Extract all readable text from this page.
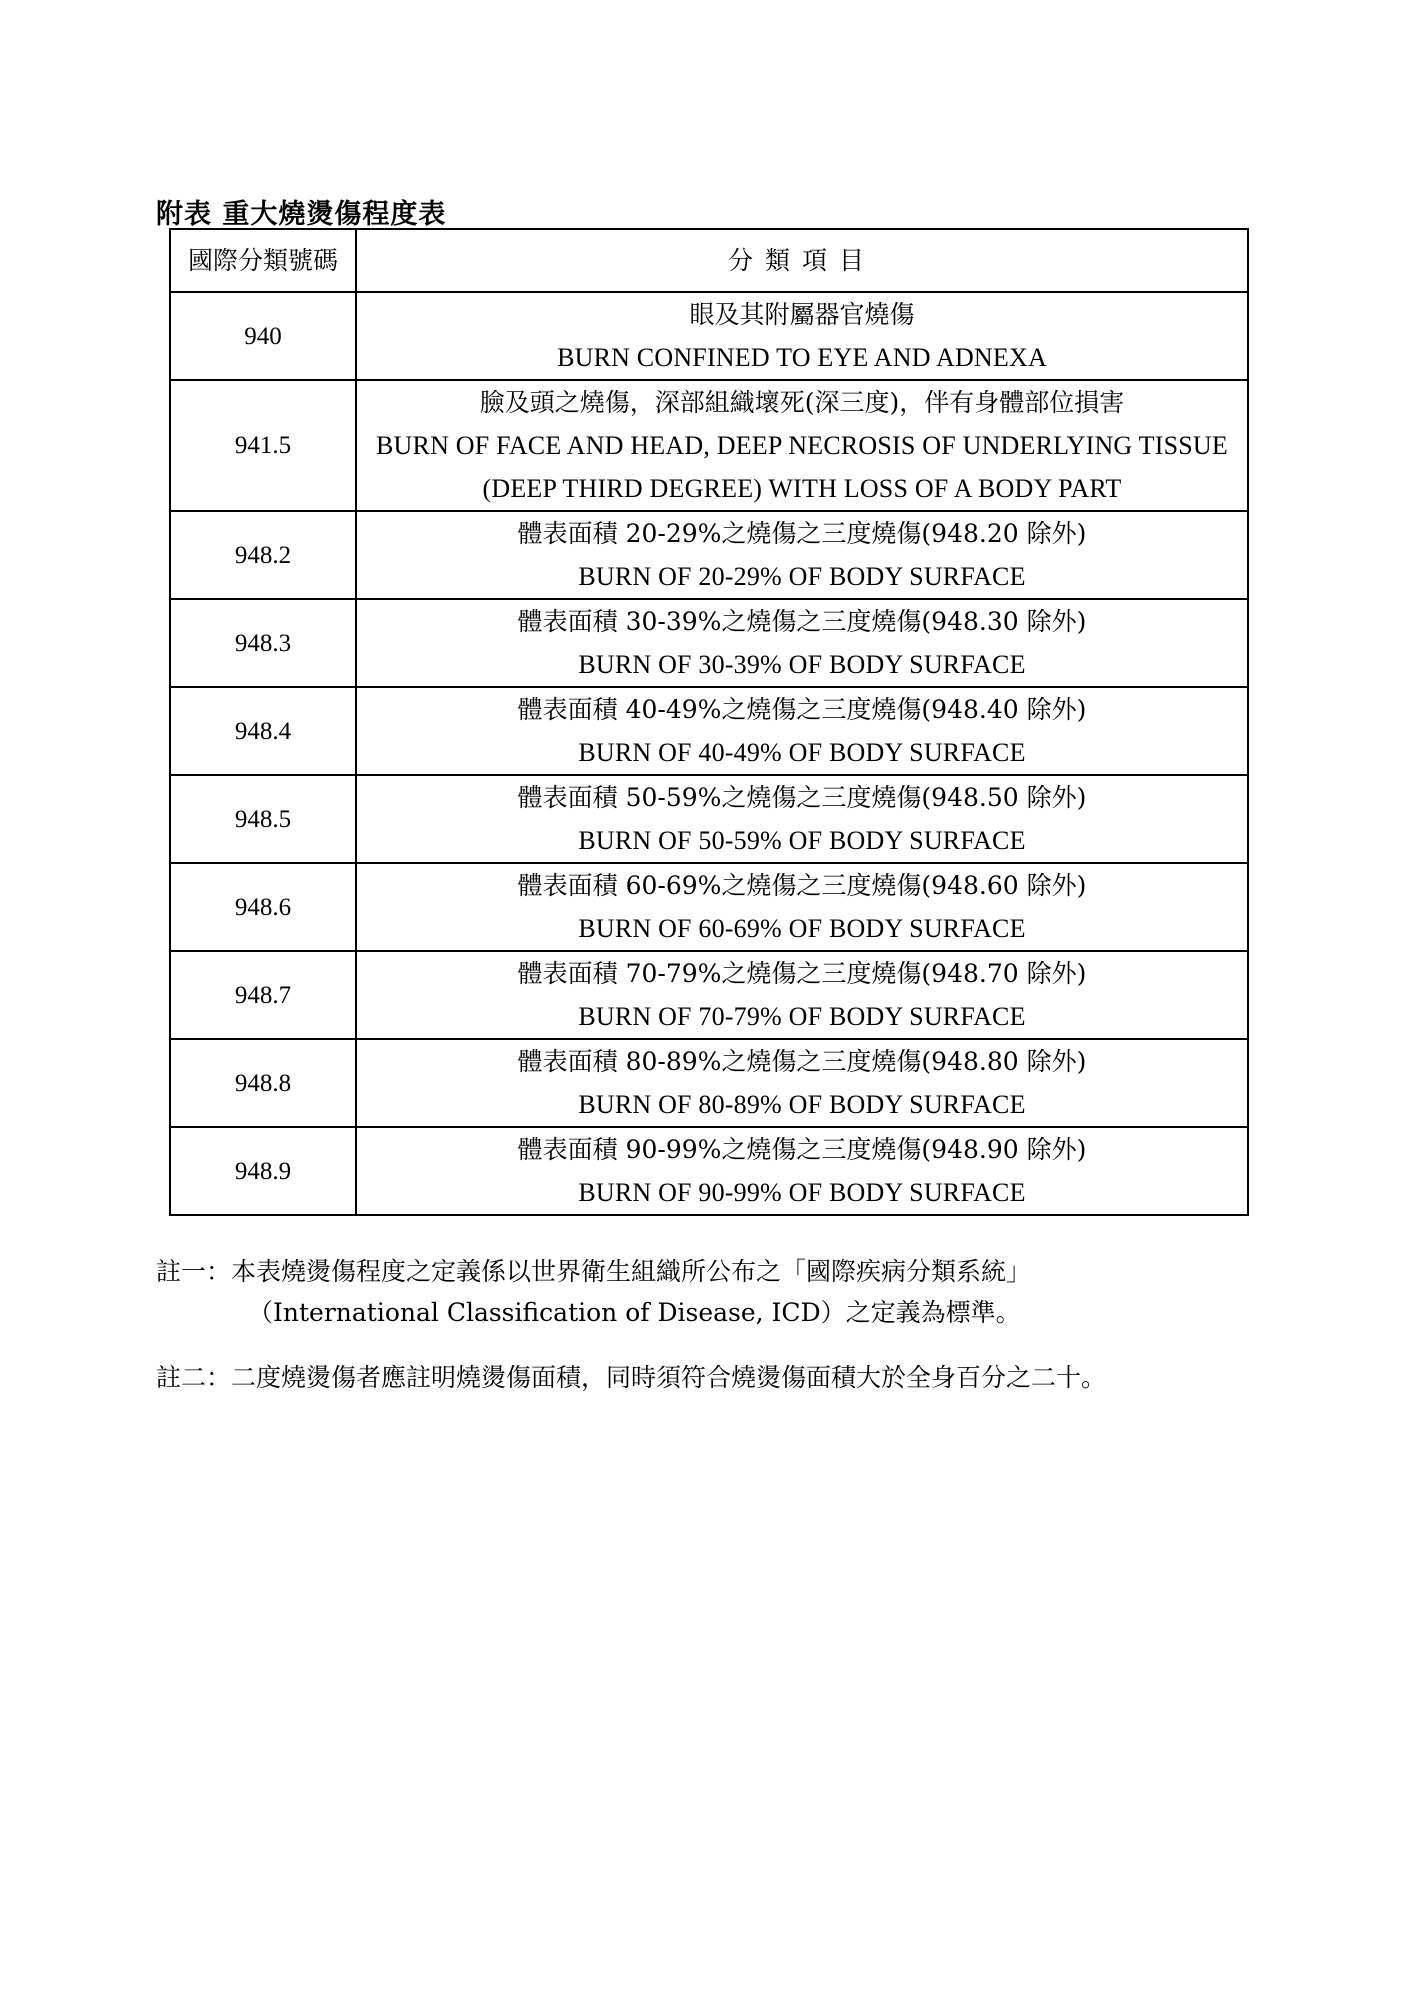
附表 重大燒燙傷程度表
國際分類號碼	分類項目
940	眼及其附屬器官燒傷
BURN CONFINED TO EYE AND ADNEXA

941.5	臉及頭之燒傷，深部組織壞死(深三度)，伴有身體部位損害
BURN OF FACE AND HEAD, DEEP NECROSIS OF UNDERLYING TISSUE
(DEEP THIRD DEGREE) WITH LOSS OF A BODY PART

948.2	體表面積 20-29%之燒傷之三度燒傷(948.20 除外)
BURN OF 20-29% OF BODY SURFACE

948.3	體表面積 30-39%之燒傷之三度燒傷(948.30 除外)
BURN OF 30-39% OF BODY SURFACE

948.4	體表面積 40-49%之燒傷之三度燒傷(948.40 除外)
BURN OF 40-49% OF BODY SURFACE

948.5	體表面積 50-59%之燒傷之三度燒傷(948.50 除外)
BURN OF 50-59% OF BODY SURFACE

948.6	體表面積 60-69%之燒傷之三度燒傷(948.60 除外)
BURN OF 60-69% OF BODY SURFACE

948.7	體表面積 70-79%之燒傷之三度燒傷(948.70 除外)
BURN OF 70-79% OF BODY SURFACE

948.8	體表面積 80-89%之燒傷之三度燒傷(948.80 除外)
BURN OF 80-89% OF BODY SURFACE

948.9	體表面積 90-99%之燒傷之三度燒傷(948.90 除外)
BURN OF 90-99% OF BODY SURFACE
註一：本表燒燙傷程度之定義係以世界衛生組織所公布之「國際疾病分類系統」
（International Classification of Disease, ICD）之定義為標準。
註二：二度燒燙傷者應註明燒燙傷面積，同時須符合燒燙傷面積大於全身百分之二十。
